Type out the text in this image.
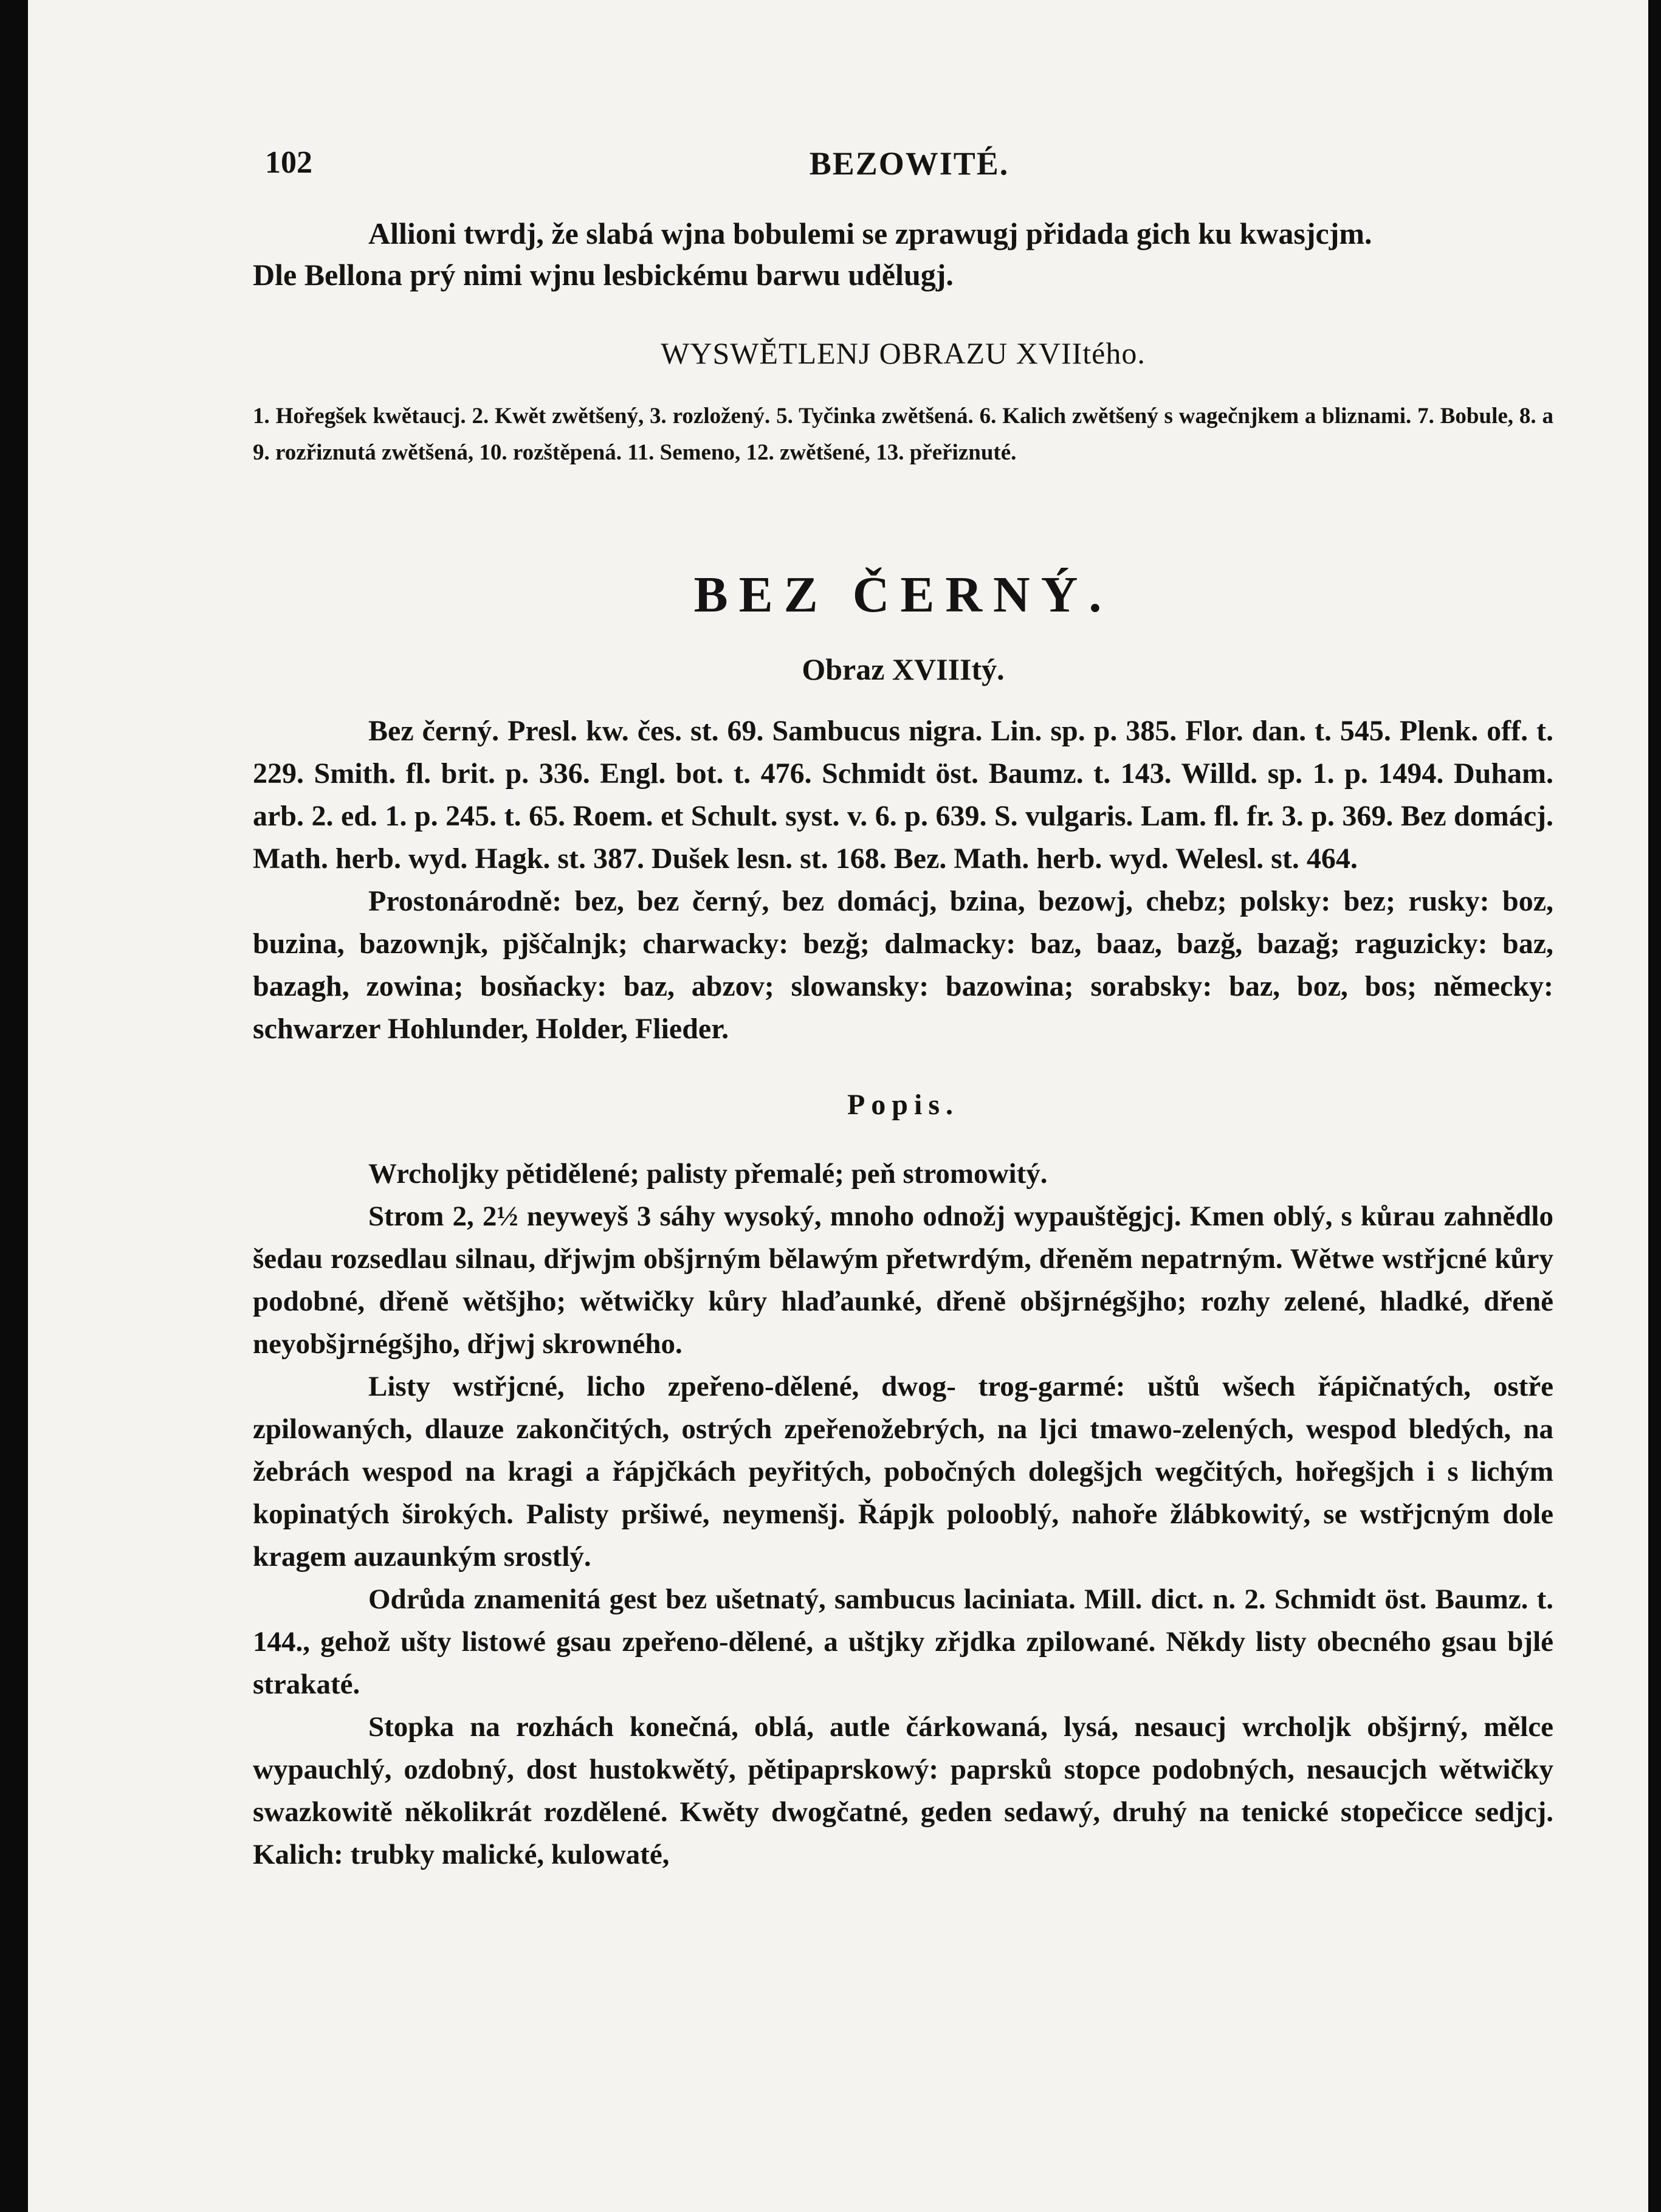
102	BEZOWITÉ.

Allioni twrdj, že slabá wjna bobulemi se zprawugj přidada gich ku kwasjcjm.

Dle Bellona prý nimi wjnu lesbickému barwu udělugj.

WYSWĚTLENJ OBRAZU XVIItého.

1. Hořegšek kwětaucj. 2. Kwět zwětšený, 3. rozložený. 5. Tyčinka zwětšená. 6. Kalich zwětšený s wagečnjkem a bliznami. 7. Bobule, 8. a 9. rozřiznutá zwětšená, 10. rozštěpená. 11. Semeno, 12. zwětšené, 13. přeřiznuté.

BEZ ČERNÝ.
Obraz XVIIItý.

Bez černý. Presl. kw. čes. st. 69. Sambucus nigra. Lin. sp. p. 385. Flor. dan. t. 545. Plenk. off. t. 229. Smith. fl. brit. p. 336. Engl. bot. t. 476. Schmidt öst. Baumz. t. 143. Willd. sp. 1. p. 1494. Duham. arb. 2. ed. 1. p. 245. t. 65. Roem. et Schult. syst. v. 6. p. 639. S. vulgaris. Lam. fl. fr. 3. p. 369. Bez domácj. Math. herb. wyd. Hagk. st. 387. Dušek lesn. st. 168. Bez. Math. herb. wyd. Welesl. st. 464.

Prostonárodně: bez, bez černý, bez domácj, bzina, bezowj, chebz; polsky: bez; rusky: boz, buzina, bazownjk, pjščalnjk; charwacky: bezğ; dalmacky: baz, baaz, bazğ, bazağ; raguzicky: baz, bazagh, zowina; bosňacky: baz, abzov; slowansky: bazowina; sorabsky: baz, boz, bos; německy: schwarzer Hohlunder, Holder, Flieder.

Popis.

Wrcholjky pětidělené; palisty přemalé; peň stromowitý.

Strom 2, 2½ neyweyš 3 sáhy wysoký, mnoho odnožj wypauštěgjcj. Kmen oblý, s kůrau zahnědlo šedau rozsedlau silnau, dřjwjm obšjrným bělawým přetwrdým, dřeněm nepatrným. Wětwe wstřjcné kůry podobné, dřeně wětšjho; wětwičky kůry hlaďaunké, dřeně obšjrnégšjho; rozhy zelené, hladké, dřeně neyobšjrnégšjho, dřjwj skrowného.

Listy wstřjcné, licho zpeřeno-dělené, dwog- trog-garmé: uštů wšech řápičnatých, ostře zpilowaných, dlauze zakončitých, ostrých zpeřenožebrých, na ljci tmawo-zelených, wespod bledých, na žebrách wespod na kragi a řápjčkách peyřitých, pobočných dolegšjch wegčitých, hořegšjch i s lichým kopinatých širokých. Palisty pršiwé, neymenšj. Řápjk polooblý, nahoře žlábkowitý, se wstřjcným dole kragem auzaunkým srostlý.

Odrůda znamenitá gest bez ušetnatý, sambucus laciniata. Mill. dict. n. 2. Schmidt öst. Baumz. t. 144., gehož ušty listowé gsau zpeřeno-dělené, a uštjky zřjdka zpilowané. Někdy listy obecného gsau bjlé strakaté.

Stopka na rozhách konečná, oblá, autle čárkowaná, lysá, nesaucj wrcholjk obšjrný, mělce wypauchlý, ozdobný, dost hustokwětý, pětipaprskowý: paprsků stopce podobných, nesaucjch wětwičky swazkowitě několikrát rozdělené. Kwěty dwogčatné, geden sedawý, druhý na tenické stopečicce sedjcj. Kalich: trubky malické, kulowaté,
